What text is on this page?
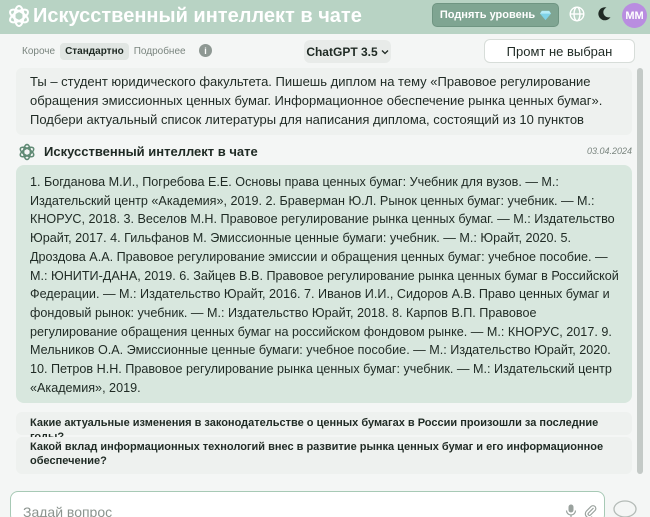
Искусственный интеллект в чате	Поднять уровень	MM
Короче	Стандартно	Подробнее	i	ChatGPT 3.5	Промт не выбран
Ты – студент юридического факультета. Пишешь диплом на тему «Правовое регулирование обращения эмиссионных ценных бумаг. Информационное обеспечение рынка ценных бумаг». Подбери актуальный список литературы для написания диплома, состоящий из 10 пунктов
Искусственный интеллект в чате	03.04.2024
1. Богданова М.И., Погребова Е.Е. Основы права ценных бумаг: Учебник для вузов. — М.: Издательский центр «Академия», 2019. 2. Браверман Ю.Л. Рынок ценных бумаг: учебник. — М.: КНОРУС, 2018. 3. Веселов М.Н. Правовое регулирование рынка ценных бумаг. — М.: Издательство Юрайт, 2017. 4. Гильфанов М. Эмиссионные ценные бумаги: учебник. — М.: Юрайт, 2020. 5. Дроздова А.А. Правовое регулирование эмиссии и обращения ценных бумаг: учебное пособие. — М.: ЮНИТИ-ДАНА, 2019. 6. Зайцев В.В. Правовое регулирование рынка ценных бумаг в Российской Федерации. — М.: Издательство Юрайт, 2016. 7. Иванов И.И., Сидоров А.В. Право ценных бумаг и фондовый рынок: учебник. — М.: Издательство Юрайт, 2018. 8. Карпов В.П. Правовое регулирование обращения ценных бумаг на российском фондовом рынке. — М.: КНОРУС, 2017. 9. Мельников О.А. Эмиссионные ценные бумаги: учебное пособие. — М.: Издательство Юрайт, 2020. 10. Петров Н.Н. Правовое регулирование рынка ценных бумаг: учебник. — М.: Издательский центр «Академия», 2019.
Какие актуальные изменения в законодательстве о ценных бумагах в России произошли за последние
Какой вклад информационных технологий внес в развитие рынка ценных бумаг и его информационное обеспечение?
Задай вопрос
